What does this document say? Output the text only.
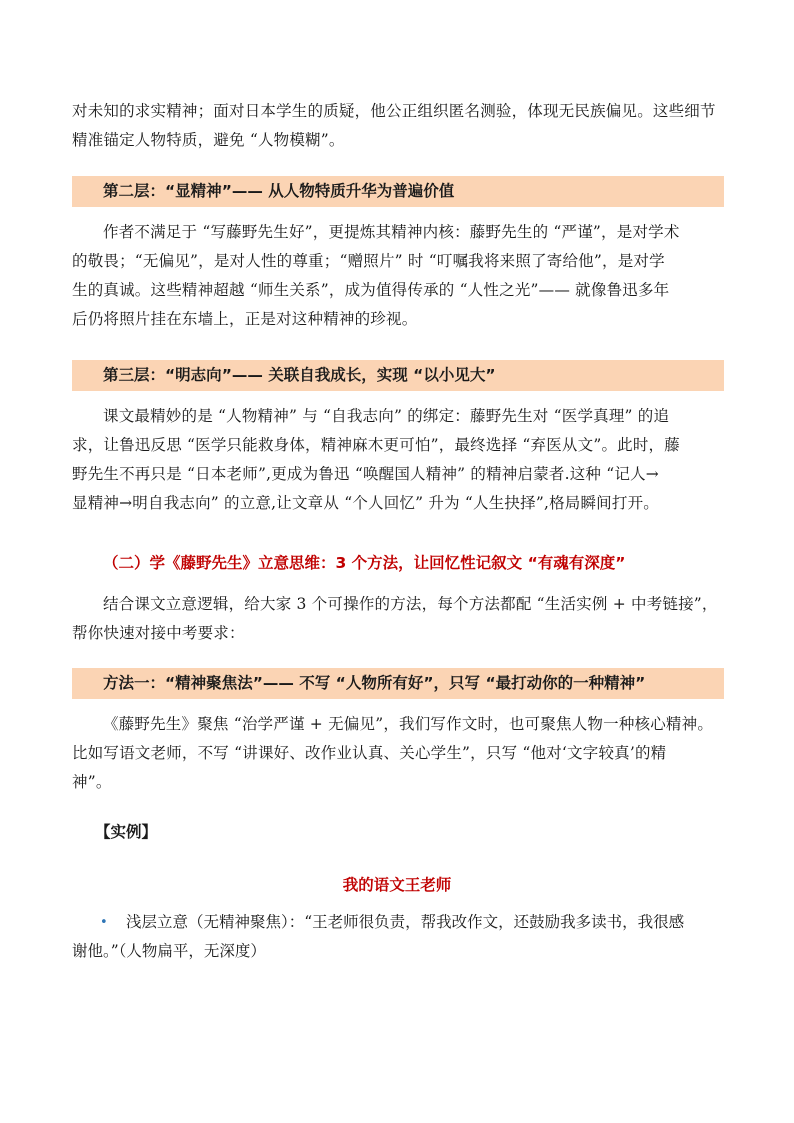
对未知的求实精神；面对日本学生的质疑，他公正组织匿名测验，体现无民族偏见。这些细节
精准锚定人物特质，避免 “人物模糊”。

第二层：“显精神”—— 从人物特质升华为普遍价值

作者不满足于 “写藤野先生好”，更提炼其精神内核：藤野先生的 “严谨”，是对学术
的敬畏；“无偏见”，是对人性的尊重；“赠照片” 时 “叮嘱我将来照了寄给他”，是对学
生的真诚。这些精神超越 “师生关系”，成为值得传承的 “人性之光”—— 就像鲁迅多年
后仍将照片挂在东墙上，正是对这种精神的珍视。

第三层：“明志向”—— 关联自我成长，实现 “以小见大”

课文最精妙的是 “人物精神” 与 “自我志向” 的绑定：藤野先生对 “医学真理” 的追
求，让鲁迅反思 “医学只能救身体，精神麻木更可怕”，最终选择 “弃医从文”。此时，藤
野先生不再只是 “日本老师”,更成为鲁迅 “唤醒国人精神” 的精神启蒙者.这种 “记人→
显精神→明自我志向” 的立意,让文章从 “个人回忆” 升为 “人生抉择”,格局瞬间打开。

（二）学《藤野先生》立意思维：3 个方法，让回忆性记叙文 “有魂有深度”

结合课文立意逻辑，给大家 3 个可操作的方法，每个方法都配 “生活实例 + 中考链接”，
帮你快速对接中考要求：

方法一：“精神聚焦法”—— 不写 “人物所有好”，只写 “最打动你的一种精神”

《藤野先生》聚焦 “治学严谨 + 无偏见”，我们写作文时，也可聚焦人物一种核心精神。
比如写语文老师，不写 “讲课好、改作业认真、关心学生”，只写 “他对‘文字较真’的精
神”。

【实例】
我的语文王老师
•	浅层立意（无精神聚焦）：“王老师很负责，帮我改作文，还鼓励我多读书，我很感
谢他。”（人物扁平，无深度）
